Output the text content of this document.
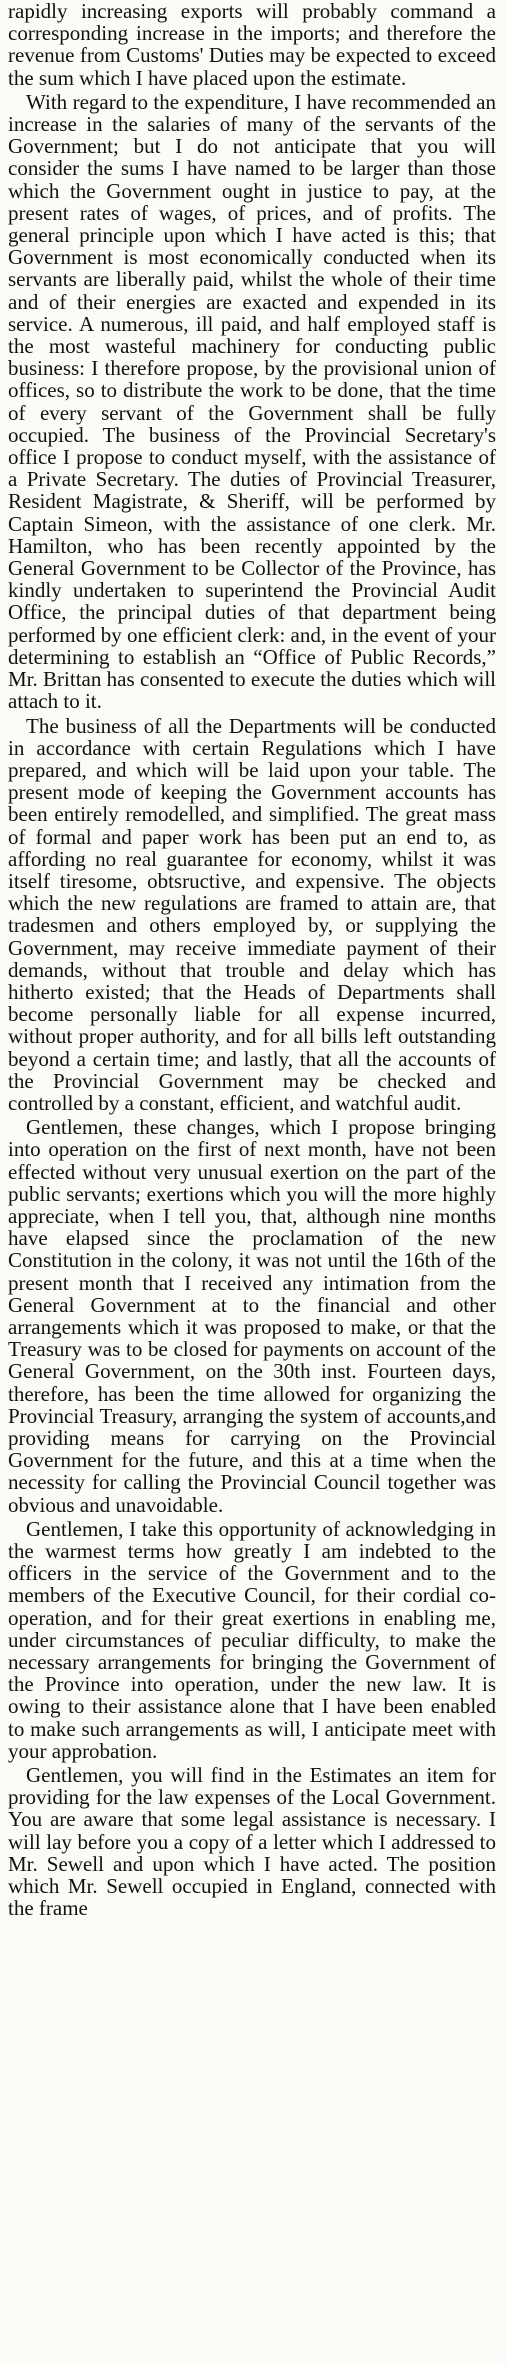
rapidly increasing exports will probably command a corresponding increase in the imports; and therefore the revenue from Customs' Duties may be expected to exceed the sum which I have placed upon the estimate.

With regard to the expenditure, I have recommended an increase in the salaries of many of the servants of the Government; but I do not anticipate that you will consider the sums I have named to be larger than those which the Government ought in justice to pay, at the present rates of wages, of prices, and of profits. The general principle upon which I have acted is this; that Government is most economically conducted when its servants are liberally paid, whilst the whole of their time and of their energies are exacted and expended in its service. A numerous, ill paid, and half employed staff is the most wasteful machinery for conducting public business: I therefore propose, by the provisional union of offices, so to distribute the work to be done, that the time of every servant of the Government shall be fully occupied. The business of the Provincial Secretary's office I propose to conduct myself, with the assistance of a Private Secretary. The duties of Provincial Treasurer, Resident Magistrate, & Sheriff, will be performed by Captain Simeon, with the assistance of one clerk. Mr. Hamilton, who has been recently appointed by the General Government to be Collector of the Province, has kindly undertaken to superintend the Provincial Audit Office, the principal duties of that department being performed by one efficient clerk: and, in the event of your determining to establish an “Office of Public Records,” Mr. Brittan has consented to execute the duties which will attach to it.

The business of all the Departments will be conducted in accordance with certain Regulations which I have prepared, and which will be laid upon your table. The present mode of keeping the Government accounts has been entirely remodelled, and simplified. The great mass of formal and paper work has been put an end to, as affording no real guarantee for economy, whilst it was itself tiresome, obtsructive, and expensive. The objects which the new regulations are framed to attain are, that tradesmen and others employed by, or supplying the Government, may receive immediate payment of their demands, without that trouble and delay which has hitherto existed; that the Heads of Departments shall become personally liable for all expense incurred, without proper authority, and for all bills left outstanding beyond a certain time; and lastly, that all the accounts of the Provincial Government may be checked and controlled by a constant, efficient, and watchful audit.

Gentlemen, these changes, which I propose bringing into operation on the first of next month, have not been effected without very unusual exertion on the part of the public servants; exertions which you will the more highly appreciate, when I tell you, that, although nine months have elapsed since the proclamation of the new Constitution in the colony, it was not until the 16th of the present month that I received any intimation from the General Government at to the financial and other arrangements which it was proposed to make, or that the Treasury was to be closed for payments on account of the General Government, on the 30th inst. Fourteen days, therefore, has been the time allowed for organizing the Provincial Treasury, arranging the system of accounts,and providing means for carrying on the Provincial Government for the future, and this at a time when the necessity for calling the Provincial Council together was obvious and unavoidable.

Gentlemen, I take this opportunity of acknowledging in the warmest terms how greatly I am indebted to the officers in the service of the Government and to the members of the Executive Council, for their cordial co-operation, and for their great exertions in enabling me, under circumstances of peculiar difficulty, to make the necessary arrangements for bringing the Government of the Province into operation, under the new law. It is owing to their assistance alone that I have been enabled to make such arrangements as will, I anticipate meet with your approbation.

Gentlemen, you will find in the Estimates an item for providing for the law expenses of the Local Government. You are aware that some legal assistance is necessary. I will lay before you a copy of a letter which I addressed to Mr. Sewell and upon which I have acted. The position which Mr. Sewell occupied in England, connected with the frame
